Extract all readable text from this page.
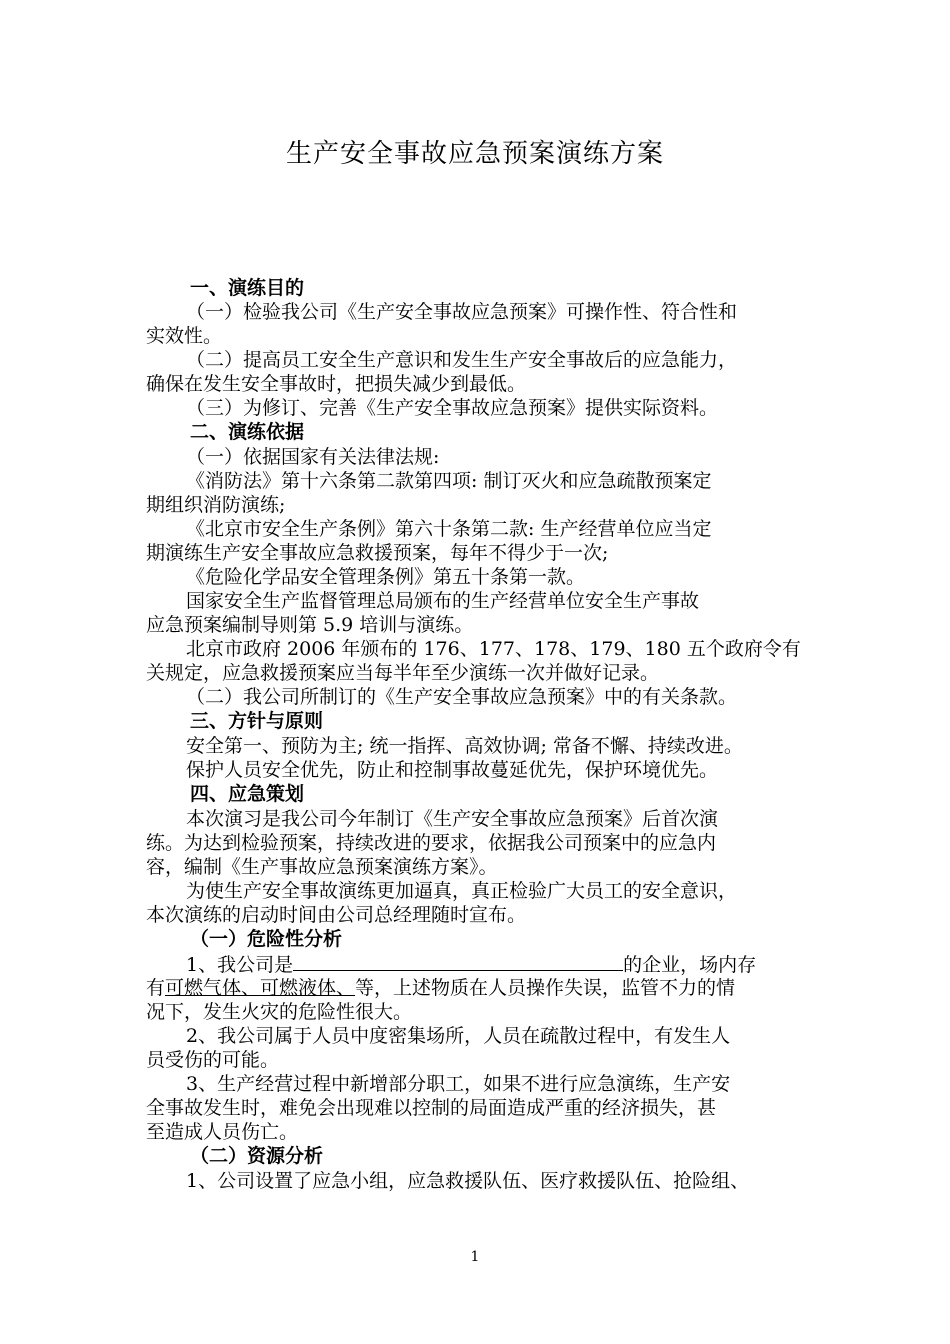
生产安全事故应急预案演练方案
一、演练目的
（一）检验我公司《生产安全事故应急预案》可操作性、符合性和
实效性。
（二）提高员工安全生产意识和发生生产安全事故后的应急能力，
确保在发生安全事故时，把损失减少到最低。
（三）为修订、完善《生产安全事故应急预案》提供实际资料。
二、演练依据
（一）依据国家有关法律法规:
《消防法》第十六条第二款第四项: 制订灭火和应急疏散预案定
期组织消防演练;
《北京市安全生产条例》第六十条第二款: 生产经营单位应当定
期演练生产安全事故应急救援预案，每年不得少于一次;
《危险化学品安全管理条例》第五十条第一款。
国家安全生产监督管理总局颁布的生产经营单位安全生产事故
应急预案编制导则第 5.9 培训与演练。
北京市政府 2006 年颁布的 176、177、178、179、180 五个政府令有
关规定，应急救援预案应当每半年至少演练一次并做好记录。
（二）我公司所制订的《生产安全事故应急预案》中的有关条款。
三、方针与原则
安全第一、预防为主; 统一指挥、高效协调; 常备不懈、持续改进。
保护人员安全优先，防止和控制事故蔓延优先，保护环境优先。
四、应急策划
本次演习是我公司今年制订《生产安全事故应急预案》后首次演
练。为达到检验预案，持续改进的要求，依据我公司预案中的应急内
容，编制《生产事故应急预案演练方案》。
为使生产安全事故演练更加逼真，真正检验广大员工的安全意识，
本次演练的启动时间由公司总经理随时宣布。
（一）危险性分析
1、我公司是	的企业，场内存
有可燃气体、可燃液体、等，上述物质在人员操作失误，监管不力的情
况下，发生火灾的危险性很大。
2、我公司属于人员中度密集场所，人员在疏散过程中，有发生人
员受伤的可能。
3、生产经营过程中新增部分职工，如果不进行应急演练，生产安
全事故发生时，难免会出现难以控制的局面造成严重的经济损失，甚
至造成人员伤亡。
（二）资源分析
1、公司设置了应急小组，应急救援队伍、医疗救援队伍、抢险组、
1
